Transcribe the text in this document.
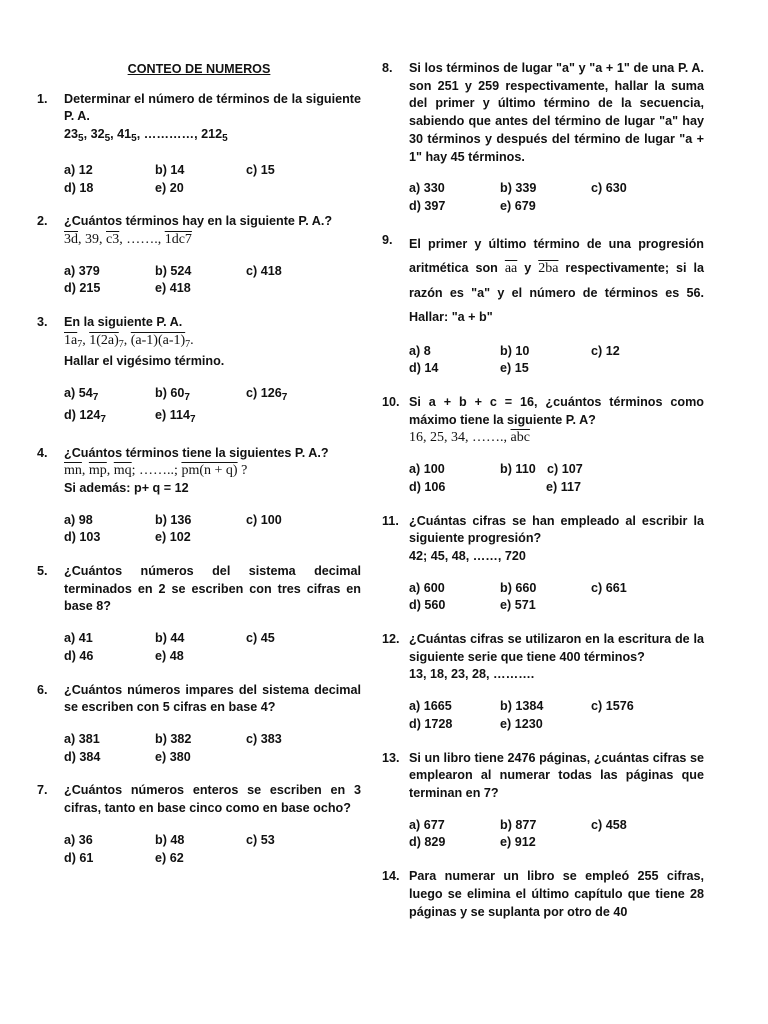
CONTEO DE NUMEROS
1. Determinar el número de términos de la siguiente P. A.
$23_5$, $32_5$, $41_5$, …………, $212_5$
a) 12	b) 14	c) 15
d) 18	e) 20
2. ¿Cuántos términos hay en la siguiente P. A.?
3d, 39, c3, ……., 1dc7
a) 379	b) 524	c) 418
d) 215	e) 418
3. En la siguiente P. A.
$1a_7$, $1(2a)_7$, $(a-1)(a-1)_7$.
Hallar el vigésimo término.
a) $54_7$	b) $60_7$	c) $126_7$
d) $124_7$	e) $114_7$
4. ¿Cuántos términos tiene la siguientes P. A.?
$\overline{mn}$, $\overline{mp}$, $\overline{mq}$; ……..; pm(n + q) ?
Si además: p+ q = 12
a) 98	b) 136	c) 100
d) 103	e) 102
5. ¿Cuántos números del sistema decimal terminados en 2 se escriben con tres cifras en base 8?
a) 41	b) 44	c) 45
d) 46	e) 48
6. ¿Cuántos números impares del sistema decimal se escriben con 5 cifras en base 4?
a) 381	b) 382	c) 383
d) 384	e) 380
7. ¿Cuántos números enteros se escriben en 3 cifras, tanto en base cinco como en base ocho?
a) 36	b) 48	c) 53
d) 61	e) 62
8. Si los términos de lugar "a" y "a + 1" de una P. A. son 251 y 259 respectivamente, hallar la suma del primer y último término de la secuencia, sabiendo que antes del término de lugar "a" hay 30 términos y después del término de lugar "a + 1" hay 45 términos.
a) 330	b) 339	c) 630
d) 397	e) 679
9. El primer y último término de una progresión aritmética son $\overline{aa}$ y 2ba respectivamente; si la razón es "a" y el número de términos es 56. Hallar: "a + b"
a) 8	b) 10	c) 12
d) 14	e) 15
10. Si a + b + c = 16, ¿cuántos términos como máximo tiene la siguiente P. A?
16, 25, 34, ……., $\overline{abc}$
a) 100	b) 110 c) 107
d) 106	e) 117
11. ¿Cuántas cifras se han empleado al escribir la siguiente progresión?
42; 45, 48, ……, 720
a) 600	b) 660	c) 661
d) 560	e) 571
12. ¿Cuántas cifras se utilizaron en la escritura de la siguiente serie que tiene 400 términos?
13, 18, 23, 28, ……….
a) 1665	b) 1384	c) 1576
d) 1728	e) 1230
13. Si un libro tiene 2476 páginas, ¿cuántas cifras se emplearon al numerar todas las páginas que terminan en 7?
a) 677	b) 877	c) 458
d) 829	e) 912
14. Para numerar un libro se empleó 255 cifras, luego se elimina el último capítulo que tiene 28 páginas y se suplanta por otro de 40
